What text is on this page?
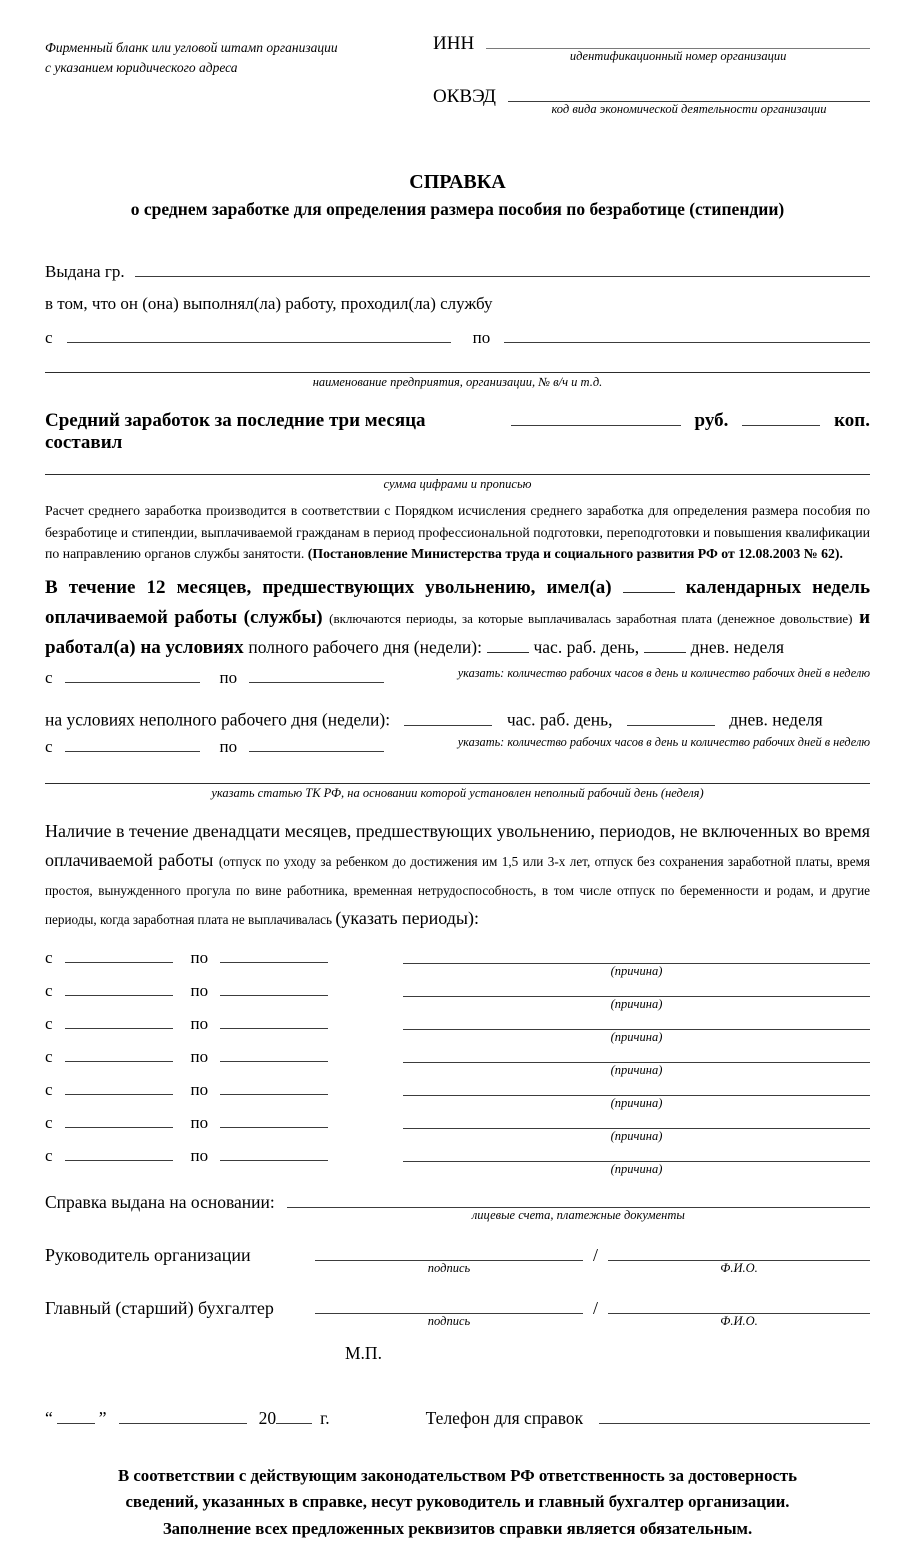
Фирменный бланк или угловой штамп организации
с указанием юридического адреса
ИНН
идентификационный номер организации
ОКВЭД
код вида экономической деятельности организации
СПРАВКА
о среднем заработке для определения размера пособия по безработице (стипендии)
Выдана гр.
в том, что он (она) выполнял(ла) работу, проходил(ла) службу
с	по
наименование предприятия, организации, № в/ч и т.д.
Средний заработок за последние три месяца составил
руб.	коп.
сумма цифрами и прописью
Расчет среднего заработка производится в соответствии с Порядком исчисления среднего заработка для определения размера пособия по безработице и стипендии, выплачиваемой гражданам в период профессиональной подготовки, переподготовки и повышения квалификации по направлению органов службы занятости. (Постановление Министерства труда и социального развития РФ от 12.08.2003 № 62).
В течение 12 месяцев, предшествующих увольнению, имел(а)	календарных недель оплачиваемой работы (службы) (включаются периоды, за которые выплачивалась заработная плата (денежное довольствие) и работал(а) на условиях полного рабочего дня (недели):	час. раб. день,	днев. неделя
с	по	указать: количество рабочих часов в день и количество рабочих дней в неделю
на условиях неполного рабочего дня (недели):	час. раб. день,	днев. неделя
с	по	указать: количество рабочих часов в день и количество рабочих дней в неделю
указать статью ТК РФ, на основании которой установлен неполный рабочий день (неделя)
Наличие в течение двенадцати месяцев, предшествующих увольнению, периодов, не включенных во время оплачиваемой работы (отпуск по уходу за ребенком до достижения им 1,5 или 3-х лет, отпуск без сохранения заработной платы, время простоя, вынужденного прогула по вине работника, временная нетрудоспособность, в том числе отпуск по беременности и родам, и другие периоды, когда заработная плата не выплачивалась (указать периоды):
с	по
(причина)
с	по
(причина)
с	по
(причина)
с	по
(причина)
с	по
(причина)
с	по
(причина)
с	по
(причина)
Справка выдана на основании:
лицевые счета, платежные документы
Руководитель организации
подпись
/
Ф.И.О.
Главный (старший) бухгалтер
подпись
/
Ф.И.О.
М.П.
“	”	20	г.	Телефон для справок
В соответствии с действующим законодательством РФ ответственность за достоверность
сведений, указанных в справке, несут руководитель и главный бухгалтер организации.
Заполнение всех предложенных реквизитов справки является обязательным.
